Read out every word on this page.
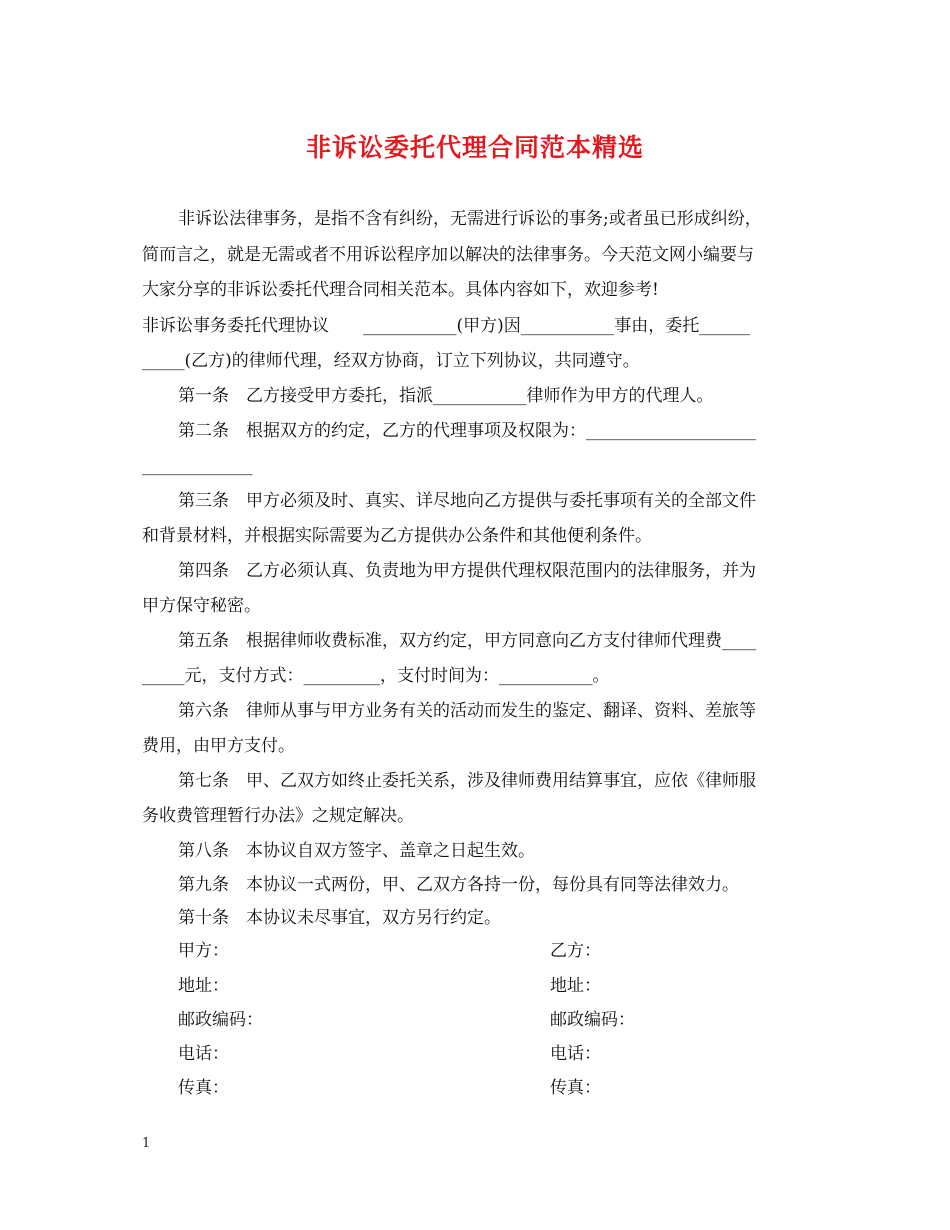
非诉讼委托代理合同范本精选

非诉讼法律事务，是指不含有纠纷，无需进行诉讼的事务;或者虽已形成纠纷，

简而言之，就是无需或者不用诉讼程序加以解决的法律事务。今天范文网小编要与

大家分享的非诉讼委托代理合同相关范本。具体内容如下，欢迎参考!

非诉讼事务委托代理协议　　___________(甲方)因___________事由，委托______

_____(乙方)的律师代理，经双方协商，订立下列协议，共同遵守。

第一条　乙方接受甲方委托，指派___________律师作为甲方的代理人。

第二条　根据双方的约定，乙方的代理事项及权限为：____________________

_____________

第三条　甲方必须及时、真实、详尽地向乙方提供与委托事项有关的全部文件

和背景材料，并根据实际需要为乙方提供办公条件和其他便利条件。

第四条　乙方必须认真、负责地为甲方提供代理权限范围内的法律服务，并为

甲方保守秘密。

第五条　根据律师收费标准，双方约定，甲方同意向乙方支付律师代理费____

_____元，支付方式：_________，支付时间为：___________。

第六条　律师从事与甲方业务有关的活动而发生的鉴定、翻译、资料、差旅等

费用，由甲方支付。

第七条　甲、乙双方如终止委托关系，涉及律师费用结算事宜，应依《律师服

务收费管理暂行办法》之规定解决。

第八条　本协议自双方签字、盖章之日起生效。

第九条　本协议一式两份，甲、乙双方各持一份，每份具有同等法律效力。

第十条　本协议未尽事宜，双方另行约定。

甲方：

地址：

邮政编码：

电话：

传真：

乙方：

地址：

邮政编码：

电话：

传真：

1
